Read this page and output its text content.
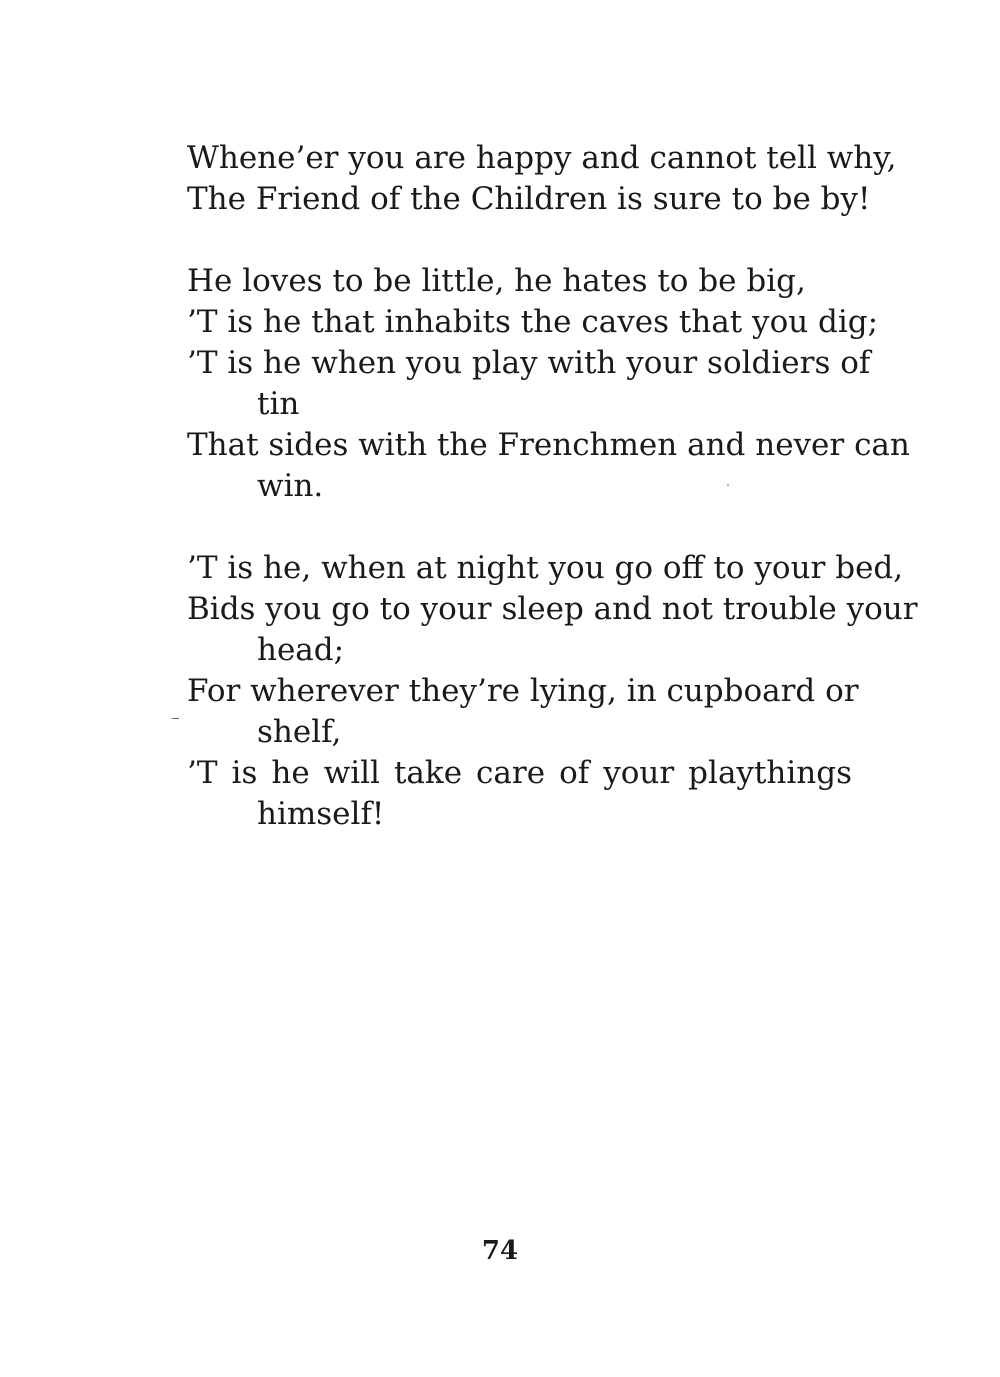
Whene’er you are happy and cannot tell why,
The Friend of the Children is sure to be by!
He loves to be little, he hates to be big,
’T is he that inhabits the caves that you dig;
’T is he when you play with your soldiers of
tin
That sides with the Frenchmen and never can
win.
’T is he, when at night you go off to your bed,
Bids you go to your sleep and not trouble your
head;
For wherever they’re lying, in cupboard or
shelf,
’T is he will take care of your playthings
himself!
74
